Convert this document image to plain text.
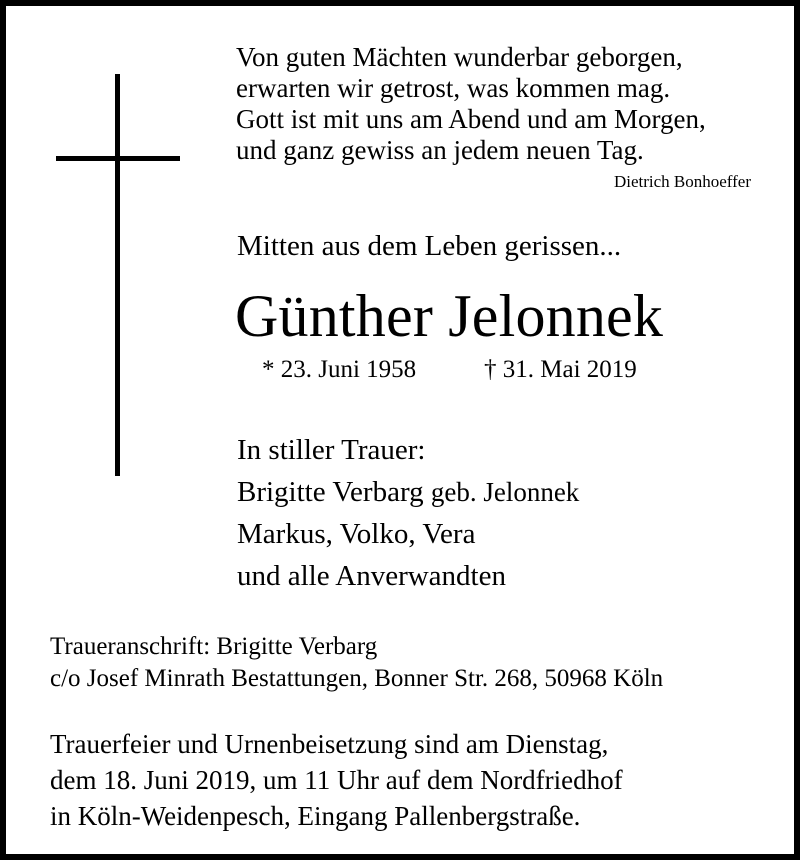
Von guten Mächten wunderbar geborgen,
erwarten wir getrost, was kommen mag.
Gott ist mit uns am Abend und am Morgen,
und ganz gewiss an jedem neuen Tag.
Dietrich Bonhoeffer
Mitten aus dem Leben gerissen...
Günther Jelonnek
* 23. Juni 1958	† 31. Mai 2019
In stiller Trauer:
Brigitte Verbarg geb. Jelonnek
Markus, Volko, Vera
und alle Anverwandten
Traueranschrift: Brigitte Verbarg
c/o Josef Minrath Bestattungen, Bonner Str. 268, 50968 Köln
Trauerfeier und Urnenbeisetzung sind am Dienstag,
dem 18. Juni 2019, um 11 Uhr auf dem Nordfriedhof
in Köln-Weidenpesch, Eingang Pallenbergstraße.
